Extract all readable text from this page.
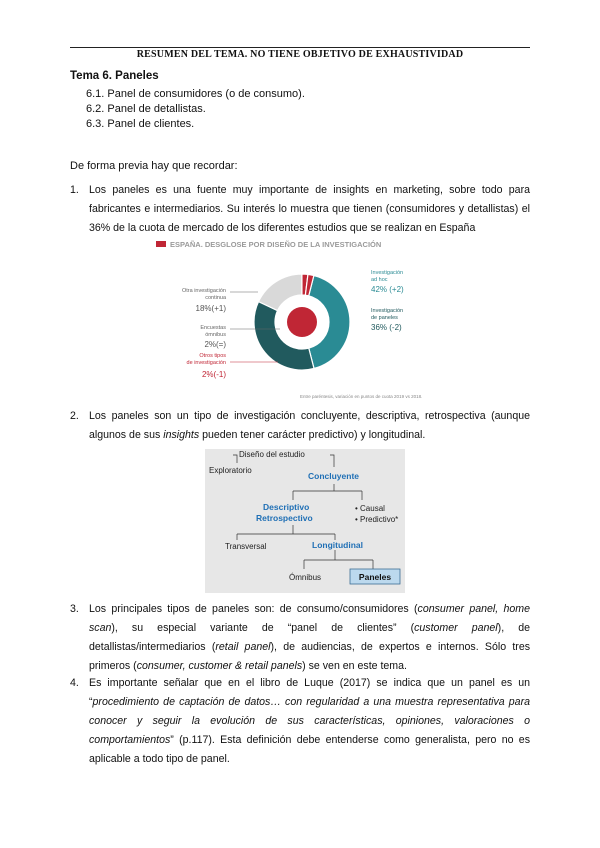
RESUMEN DEL TEMA. NO TIENE OBJETIVO DE EXHAUSTIVIDAD
Tema 6. Paneles
6.1. Panel de consumidores (o de consumo).
6.2. Panel de detallistas.
6.3. Panel de clientes.
De forma previa hay que recordar:
1. Los paneles es una fuente muy importante de insights en marketing, sobre todo para fabricantes e intermediarios. Su interés lo muestra que tienen (consumidores y detallistas) el 36% de la cuota de mercado de los diferentes estudios que se realizan en España
ESPAÑA. DESGLOSE POR DISEÑO DE LA INVESTIGACIÓN
Investigación
ad hoc
42% (+2)
Investigación
de paneles
36% (-2)
Otra investigación
continua
18%(+1)
Encuestas
ómnibus
2%(=)
Otros tipos
de investigación
2%(-1)
Entre paréntesis, variación en puntos de cuota 2019 vs 2018.
2. Los paneles son un tipo de investigación concluyente, descriptiva, retrospectiva (aunque algunos de sus insights pueden tener carácter predictivo) y longitudinal.
Diseño del estudio
Exploratorio
Concluyente
Descriptivo
Retrospectivo
• Causal
• Predictivo*
Transversal	Longitudinal
Ómnibus	Paneles
3. Los principales tipos de paneles son: de consumo/consumidores (consumer panel, home scan), su especial variante de “panel de clientes” (customer panel), de detallistas/intermediarios (retail panel), de audiencias, de expertos e internos. Sólo tres primeros (consumer, customer & retail panels) se ven en este tema.
4. Es importante señalar que en el libro de Luque (2017) se indica que un panel es un “procedimiento de captación de datos… con regularidad a una muestra representativa para conocer y seguir la evolución de sus características, opiniones, valoraciones o comportamientos” (p.117). Esta definición debe entenderse como generalista, pero no es aplicable a todo tipo de panel.
